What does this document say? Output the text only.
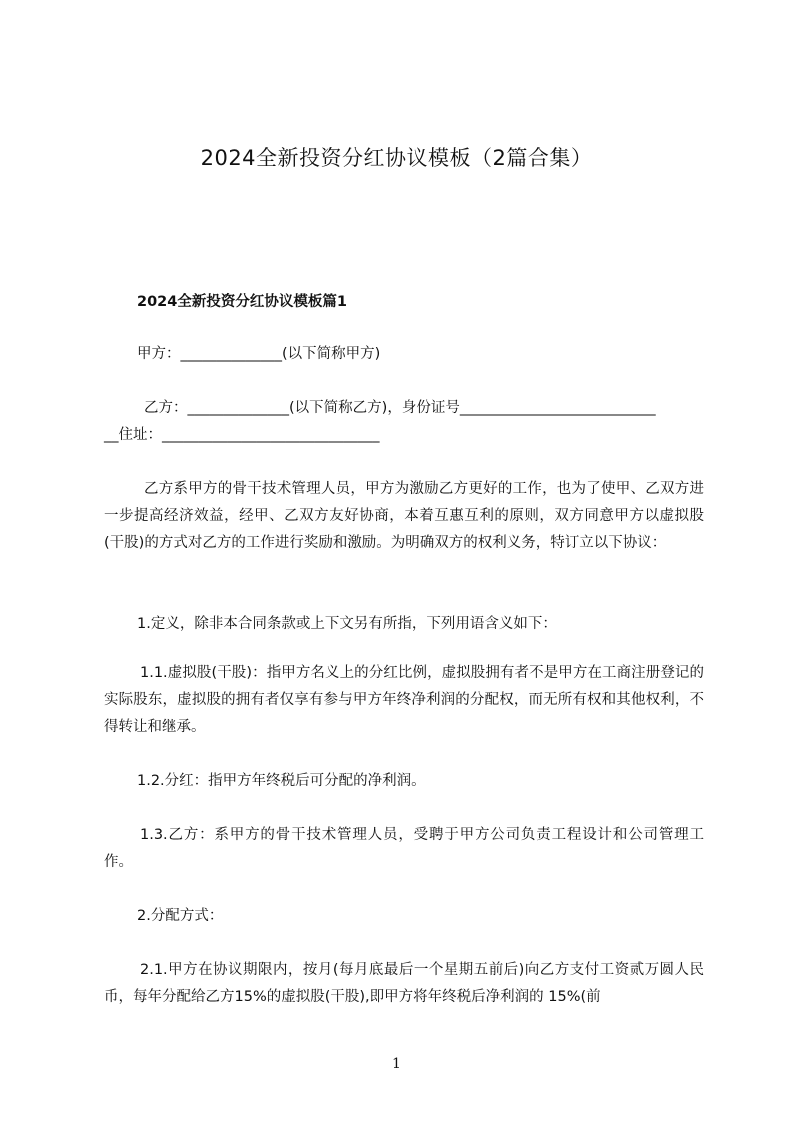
2024全新投资分红协议模板（2篇合集）
2024全新投资分红协议模板篇1
甲方：______________(以下简称甲方)
乙方：______________(以下简称乙方)，身份证号___________________________
__住址：______________________________
乙方系甲方的骨干技术管理人员，甲方为激励乙方更好的工作，也为了使甲、乙双方进一步提高经济效益，经甲、乙双方友好协商，本着互惠互利的原则，双方同意甲方以虚拟股(干股)的方式对乙方的工作进行奖励和激励。为明确双方的权利义务，特订立以下协议：
1.定义，除非本合同条款或上下文另有所指，下列用语含义如下：
1.1.虚拟股(干股)：指甲方名义上的分红比例，虚拟股拥有者不是甲方在工商注册登记的实际股东，虚拟股的拥有者仅享有参与甲方年终净利润的分配权，而无所有权和其他权利，不得转让和继承。
1.2.分红：指甲方年终税后可分配的净利润。
1.3.乙方：系甲方的骨干技术管理人员，受聘于甲方公司负责工程设计和公司管理工作。
2.分配方式：
2.1.甲方在协议期限内，按月(每月底最后一个星期五前后)向乙方支付工资贰万圆人民币，每年分配给乙方15%的虚拟股(干股),即甲方将年终税后净利润的 15%(前
1
